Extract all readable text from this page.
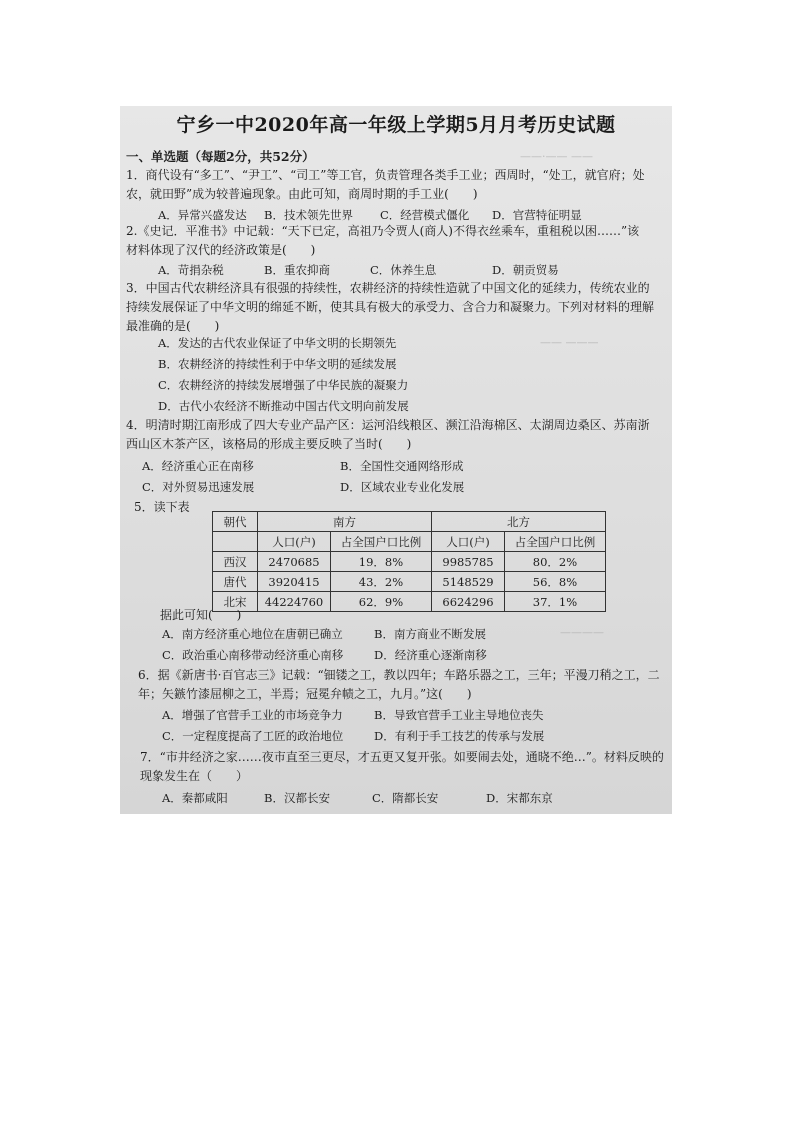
——·—— ——
—— ———
————
宁乡一中2020年高一年级上学期5月月考历史试题
一、单选题（每题2分，共52分）
1．商代设有“多工”、“尹工”、“司工”等工官，负责管理各类手工业；西周时，“处工，就官府；处
农，就田野”成为较普遍现象。由此可知，商周时期的手工业(　　)
A．异常兴盛发达 B．技术领先世界 C．经营模式僵化 D．官营特征明显
2.《史记．平准书》中记载：“天下已定，高祖乃令贾人(商人)不得衣丝乘车，重租税以困……”该
材料体现了汉代的经济政策是(　　)
A．苛捐杂税	B．重农抑商	C．休养生息	D．朝贡贸易
3．中国古代农耕经济具有很强的持续性，农耕经济的持续性造就了中国文化的延续力，传统农业的
持续发展保证了中华文明的绵延不断，使其具有极大的承受力、含合力和凝聚力。下列对材料的理解
最准确的是(　　)
A．发达的古代农业保证了中华文明的长期领先
B．农耕经济的持续性利于中华文明的延续发展
C．农耕经济的持续发展增强了中华民族的凝聚力
D．古代小农经济不断推动中国古代文明向前发展
4．明清时期江南形成了四大专业产品产区：运河沿线粮区、濒江沿海棉区、太湖周边桑区、苏南浙
西山区木茶产区，该格局的形成主要反映了当时(　　)
A．经济重心正在南移
C．对外贸易迅速发展
B．全国性交通网络形成
D．区域农业专业化发展
5．读下表
朝代	南方		北方	
	人口(户)	占全国户口比例	人口(户)	占全国户口比例
西汉	2470685	19．8%	9985785	80．2%
唐代	3920415	43．2%	5148529	56．8%
北宋	44224760	62．9%	6624296	37．1%
据此可知(　　)
A．南方经济重心地位在唐朝已确立
C．政治重心南移带动经济重心南移
B．南方商业不断发展
D．经济重心逐渐南移
6．据《新唐书·百官志三》记载：“钿镂之工，教以四年；车路乐器之工，三年；平漫刀稍之工，二
年；矢鏃竹漆屈柳之工，半焉；冠冕弁帻之工，九月。”这(　　)
A．增强了官营手工业的市场竞争力
C．一定程度提高了工匠的政治地位
B．导致官营手工业主导地位丧失
D．有利于手工技艺的传承与发展
7．“市井经济之家……夜市直至三更尽，才五更又复开张。如要闹去处，通晓不绝…”。材料反映的
现象发生在（　　）
A．秦都咸阳	B．汉都长安	C．隋都长安	D．宋都东京
